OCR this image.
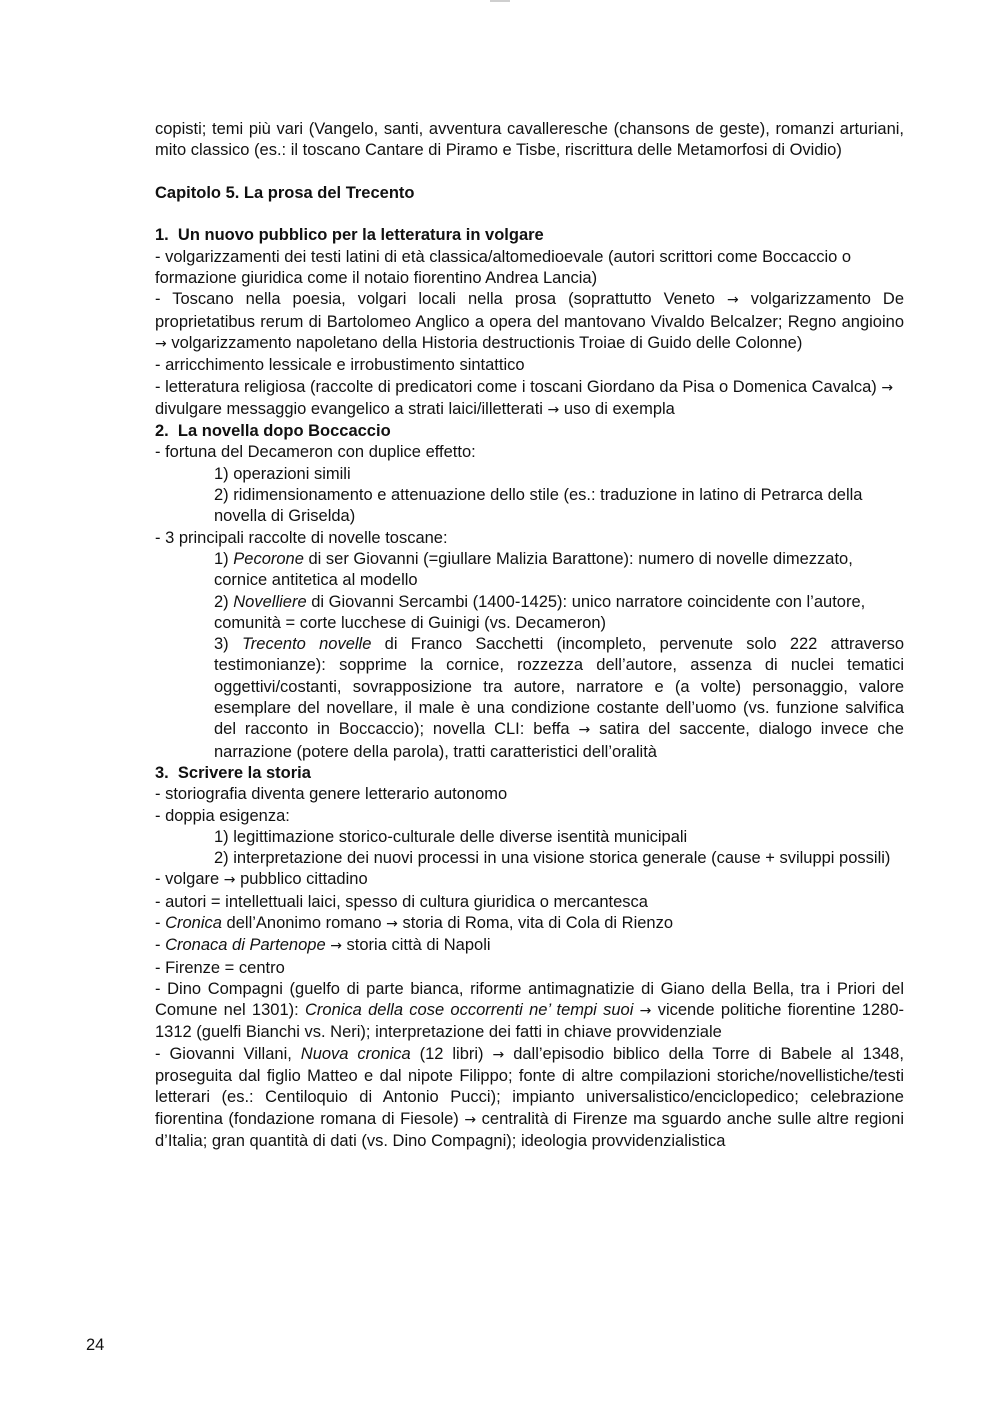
copisti; temi più vari (Vangelo, santi, avventura cavalleresche (chansons de geste), romanzi arturiani, mito classico (es.: il toscano Cantare di Piramo e Tisbe, riscrittura delle Metamorfosi di Ovidio)

Capitolo 5. La prosa del Trecento

1.  Un nuovo pubblico per la letteratura in volgare

- volgarizzamenti dei testi latini di età classica/altomedioevale (autori scrittori come Boccaccio o formazione giuridica come il notaio fiorentino Andrea Lancia)

- Toscano nella poesia, volgari locali nella prosa (soprattutto Veneto → volgarizzamento De proprietatibus rerum di Bartolomeo Anglico a opera del mantovano Vivaldo Belcalzer; Regno angioino → volgarizzamento napoletano della Historia destructionis Troiae di Guido delle Colonne)

- arricchimento lessicale e irrobustimento sintattico

- letteratura religiosa (raccolte di predicatori come i toscani Giordano da Pisa o Domenica Cavalca) → divulgare messaggio evangelico a strati laici/illetterati → uso di exempla

2.  La novella dopo Boccaccio

- fortuna del Decameron con duplice effetto:

1) operazioni simili

2) ridimensionamento e attenuazione dello stile (es.: traduzione in latino di Petrarca della novella di Griselda)

- 3 principali raccolte di novelle toscane:

1) Pecorone di ser Giovanni (=giullare Malizia Barattone): numero di novelle dimezzato, cornice antitetica al modello

2) Novelliere di Giovanni Sercambi (1400-1425): unico narratore coincidente con l’autore, comunità = corte lucchese di Guinigi (vs. Decameron)

3) Trecento novelle di Franco Sacchetti (incompleto, pervenute solo 222 attraverso testimonianze): sopprime la cornice, rozzezza dell’autore, assenza di nuclei tematici oggettivi/costanti, sovrapposizione tra autore, narratore e (a volte) personaggio, valore esemplare del novellare, il male è una condizione costante dell’uomo (vs. funzione salvifica del racconto in Boccaccio); novella CLI: beffa → satira del saccente, dialogo invece che narrazione (potere della parola), tratti caratteristici dell’oralità

3.  Scrivere la storia

- storiografia diventa genere letterario autonomo

- doppia esigenza:

1) legittimazione storico-culturale delle diverse isentità municipali

2) interpretazione dei nuovi processi in una visione storica generale (cause + sviluppi possili)

- volgare → pubblico cittadino

- autori = intellettuali laici, spesso di cultura giuridica o mercantesca

- Cronica dell’Anonimo romano → storia di Roma, vita di Cola di Rienzo

- Cronaca di Partenope → storia città di Napoli

- Firenze = centro

- Dino Compagni (guelfo di parte bianca, riforme antimagnatizie di Giano della Bella, tra i Priori del Comune nel 1301): Cronica della cose occorrenti ne’ tempi suoi → vicende politiche fiorentine 1280-1312 (guelfi Bianchi vs. Neri); interpretazione dei fatti in chiave provvidenziale

- Giovanni Villani, Nuova cronica (12 libri) → dall’episodio biblico della Torre di Babele al 1348, proseguita dal figlio Matteo e dal nipote Filippo; fonte di altre compilazioni storiche/novellistiche/testi letterari (es.: Centiloquio di Antonio Pucci); impianto universalistico/enciclopedico; celebrazione fiorentina (fondazione romana di Fiesole) → centralità di Firenze ma sguardo anche sulle altre regioni d’Italia; gran quantità di dati (vs. Dino Compagni); ideologia provvidenzialistica

24
